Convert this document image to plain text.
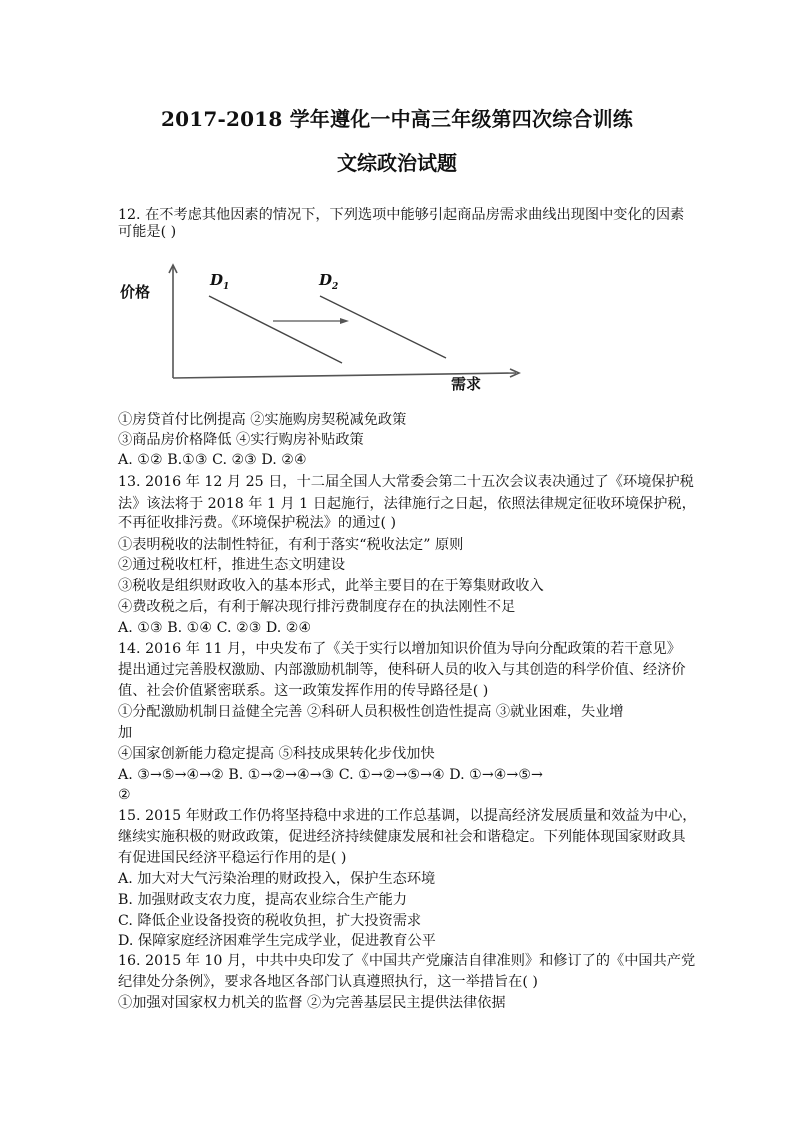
2017-2018 学年遵化一中高三年级第四次综合训练
文综政治试题
12. 在不考虑其他因素的情况下，下列选项中能够引起商品房需求曲线出现图中变化的因素
可能是( )
价格
需求
$D_1$	$D_2$
①房贷首付比例提高 ②实施购房契税减免政策
③商品房价格降低 ④实行购房补贴政策
A. ①② B.①③ C. ②③ D. ②④
13. 2016 年 12 月 25 日，十二届全国人大常委会第二十五次会议表决通过了《环境保护税
法》该法将于 2018 年 1 月 1 日起施行，法律施行之日起，依照法律规定征收环境保护税，
不再征收排污费。《环境保护税法》的通过( )
①表明税收的法制性特征，有利于落实“税收法定” 原则
②通过税收杠杆，推进生态文明建设
③税收是组织财政收入的基本形式，此举主要目的在于筹集财政收入
④费改税之后，有利于解决现行排污费制度存在的执法刚性不足
A. ①③ B. ①④ C. ②③ D. ②④
14. 2016 年 11 月，中央发布了《关于实行以增加知识价值为导向分配政策的若干意见》
提出通过完善股权激励、内部激励机制等，使科研人员的收入与其创造的科学价值、经济价
值、社会价值紧密联系。这一政策发挥作用的传导路径是( )
①分配激励机制日益健全完善 ②科研人员积极性创造性提高 ③就业困难，失业增
加
④国家创新能力稳定提高 ⑤科技成果转化步伐加快
A. ③→⑤→④→② B. ①→②→④→③ C. ①→②→⑤→④ D. ①→④→⑤→
②
15. 2015 年财政工作仍将坚持稳中求进的工作总基调，以提高经济发展质量和效益为中心，
继续实施积极的财政政策，促进经济持续健康发展和社会和谐稳定。下列能体现国家财政具
有促进国民经济平稳运行作用的是( )
A. 加大对大气污染治理的财政投入，保护生态环境
B. 加强财政支农力度，提高农业综合生产能力
C. 降低企业设备投资的税收负担，扩大投资需求
D. 保障家庭经济困难学生完成学业，促进教育公平
16. 2015 年 10 月，中共中央印发了《中国共产党廉洁自律准则》和修订了的《中国共产党
纪律处分条例》，要求各地区各部门认真遵照执行，这一举措旨在( )
①加强对国家权力机关的监督 ②为完善基层民主提供法律依据
